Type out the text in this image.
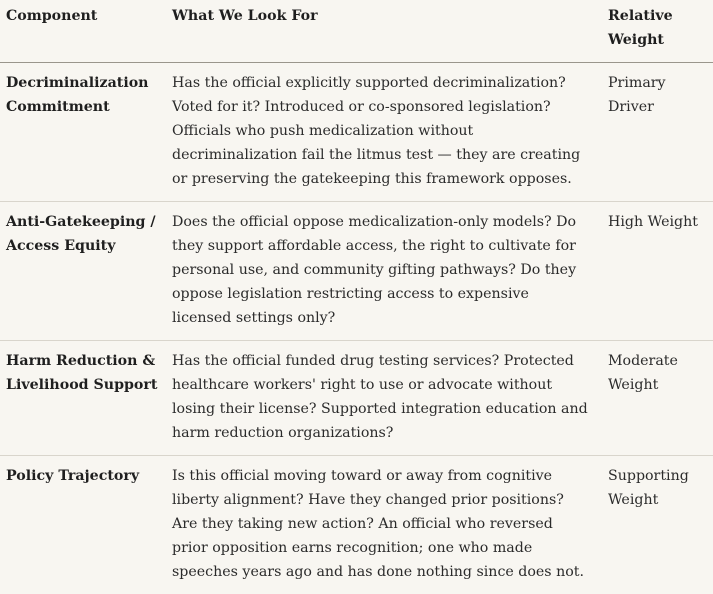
Component	What We Look For	Relative Weight
Decriminalization Commitment	Has the official explicitly supported decriminalization? Voted for it? Introduced or co-sponsored legislation? Officials who push medicalization without decriminalization fail the litmus test — they are creating or preserving the gatekeeping this framework opposes.	Primary Driver
Anti-Gatekeeping / Access Equity	Does the official oppose medicalization-only models? Do they support affordable access, the right to cultivate for personal use, and community gifting pathways? Do they oppose legislation restricting access to expensive licensed settings only?	High Weight
Harm Reduction & Livelihood Support	Has the official funded drug testing services? Protected healthcare workers' right to use or advocate without losing their license? Supported integration education and harm reduction organizations?	Moderate Weight
Policy Trajectory	Is this official moving toward or away from cognitive liberty alignment? Have they changed prior positions? Are they taking new action? An official who reversed prior opposition earns recognition; one who made speeches years ago and has done nothing since does not.	Supporting Weight
